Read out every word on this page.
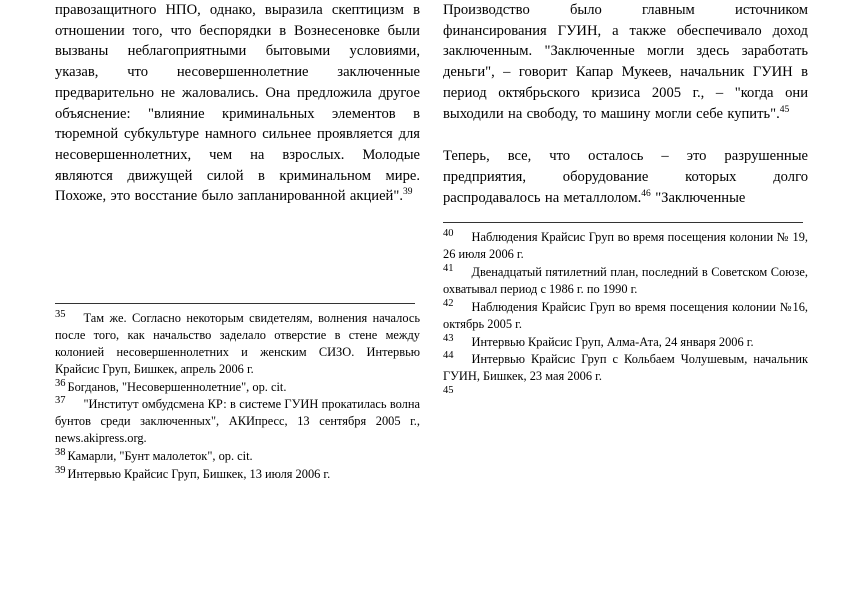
правозащитного НПО, однако, выразила скептицизм в отношении того, что беспорядки в Вознесеновке были вызваны неблагоприятными бытовыми условиями, указав, что несовершеннолетние заключенные предварительно не жаловались. Она предложила другое объяснение: "влияние криминальных элементов в тюремной субкультуре намного сильнее проявляется для несовершеннолетних, чем на взрослых. Молодые являются движущей силой в криминальном мире. Похоже, это восстание было запланированной акцией".$^{39}$

$^{35}$ Там же. Согласно некоторым свидетелям, волнения началось после того, как начальство заделало отверстие в стене между колонией несовершеннолетних и женским СИЗО. Интервью Крайсис Груп, Бишкек, апрель 2006 г.

$^{36}$ Богданов, "Несовершеннолетние", op. cit.

$^{37}$ "Институт омбудсмена КР: в системе ГУИН прокатилась волна бунтов среди заключенных", АКИпресс, 13 сентября 2005 г., news.akipress.org.

$^{38}$ Камарли, "Бунт малолеток", op. cit.

$^{39}$ Интервью Крайсис Груп, Бишкек, 13 июля 2006 г.

Производство было главным источником финансирования ГУИН, а также обеспечивало доход заключенным. "Заключенные могли здесь заработать деньги", – говорит Капар Мукеев, начальник ГУИН в период октябрьского кризиса 2005 г., – "когда они выходили на свободу, то машину могли себе купить".$^{45}$

Теперь, все, что осталось – это разрушенные предприятия, оборудование которых долго распродавалось на металлолом.$^{46}$ "Заключенные

$^{40}$ Наблюдения Крайсис Груп во время посещения колонии № 19, 26 июля 2006 г.

$^{41}$ Двенадцатый пятилетний план, последний в Советском Союзе, охватывал период с 1986 г. по 1990 г.

$^{42}$ Наблюдения Крайсис Груп во время посещения колонии №16, октябрь 2005 г.

$^{43}$ Интервью Крайсис Груп, Алма-Ата, 24 января 2006 г.

$^{44}$ Интервью Крайсис Груп с Кольбаем Чолушевым, начальник ГУИН, Бишкек, 23 мая 2006 г.

$^{45}$
